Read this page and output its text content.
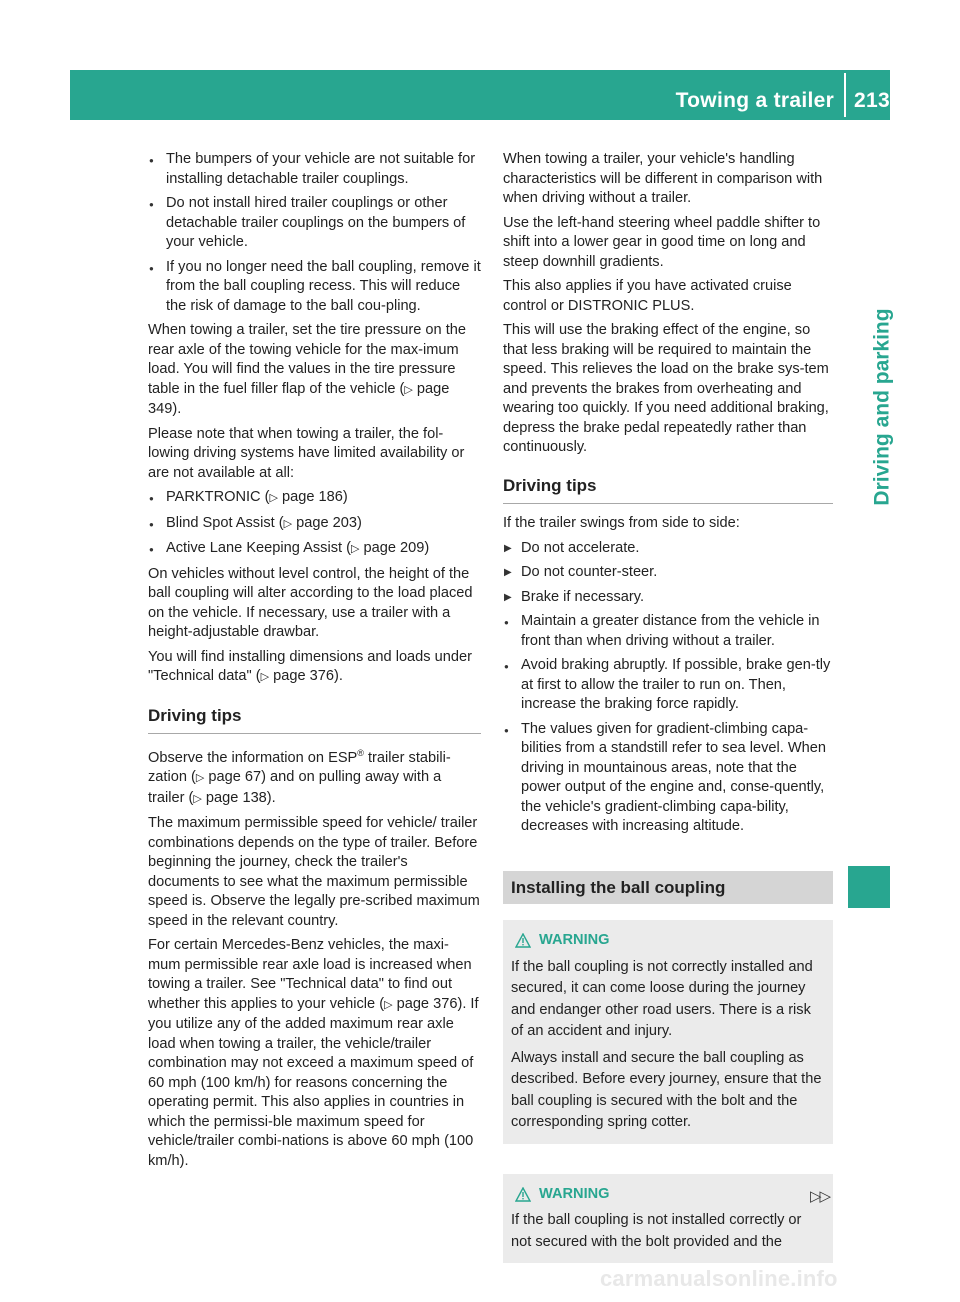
Towing a trailer 213
Driving and parking
● The bumpers of your vehicle are not suitable for installing detachable trailer couplings.
● Do not install hired trailer couplings or other detachable trailer couplings on the bumpers of your vehicle.
● If you no longer need the ball coupling, remove it from the ball coupling recess. This will reduce the risk of damage to the ball cou-pling.

When towing a trailer, set the tire pressure on the rear axle of the towing vehicle for the max-imum load. You will find the values in the tire pressure table in the fuel filler flap of the vehicle (▷ page 349).

Please note that when towing a trailer, the fol-lowing driving systems have limited availability or are not available at all:

● PARKTRONIC (▷ page 186)
● Blind Spot Assist (▷ page 203)
● Active Lane Keeping Assist (▷ page 209)

On vehicles without level control, the height of the ball coupling will alter according to the load placed on the vehicle. If necessary, use a trailer with a height-adjustable drawbar.

You will find installing dimensions and loads under "Technical data" (▷ page 376).

Driving tips

Observe the information on ESP® trailer stabili-zation (▷ page 67) and on pulling away with a trailer (▷ page 138).

The maximum permissible speed for vehicle/ trailer combinations depends on the type of trailer. Before beginning the journey, check the trailer's documents to see what the maximum permissible speed is. Observe the legally pre-scribed maximum speed in the relevant country.

For certain Mercedes-Benz vehicles, the maxi-mum permissible rear axle load is increased when towing a trailer. See "Technical data" to find out whether this applies to your vehicle (▷ page 376). If you utilize any of the added maximum rear axle load when towing a trailer, the vehicle/trailer combination may not exceed a maximum speed of 60 mph (100 km/h) for reasons concerning the operating permit. This also applies in countries in which the permissi-ble maximum speed for vehicle/trailer combi-nations is above 60 mph (100 km/h).

When towing a trailer, your vehicle's handling characteristics will be different in comparison with when driving without a trailer.

Use the left-hand steering wheel paddle shifter to shift into a lower gear in good time on long and steep downhill gradients.

This also applies if you have activated cruise control or DISTRONIC PLUS.

This will use the braking effect of the engine, so that less braking will be required to maintain the speed. This relieves the load on the brake sys-tem and prevents the brakes from overheating and wearing too quickly. If you need additional braking, depress the brake pedal repeatedly rather than continuously.

Driving tips

If the trailer swings from side to side:

▶ Do not accelerate.
▶ Do not counter-steer.
▶ Brake if necessary.
● Maintain a greater distance from the vehicle in front than when driving without a trailer.
● Avoid braking abruptly. If possible, brake gen-tly at first to allow the trailer to run on. Then, increase the braking force rapidly.
● The values given for gradient-climbing capa-bilities from a standstill refer to sea level. When driving in mountainous areas, note that the power output of the engine and, conse-quently, the vehicle's gradient-climbing capa-bility, decreases with increasing altitude.
Installing the ball coupling
WARNING

If the ball coupling is not correctly installed and secured, it can come loose during the journey and endanger other road users. There is a risk of an accident and injury.

Always install and secure the ball coupling as described. Before every journey, ensure that the ball coupling is secured with the bolt and the corresponding spring cotter.

WARNING

If the ball coupling is not installed correctly or not secured with the bolt provided and the

▷▷
carmanualsonline.info
